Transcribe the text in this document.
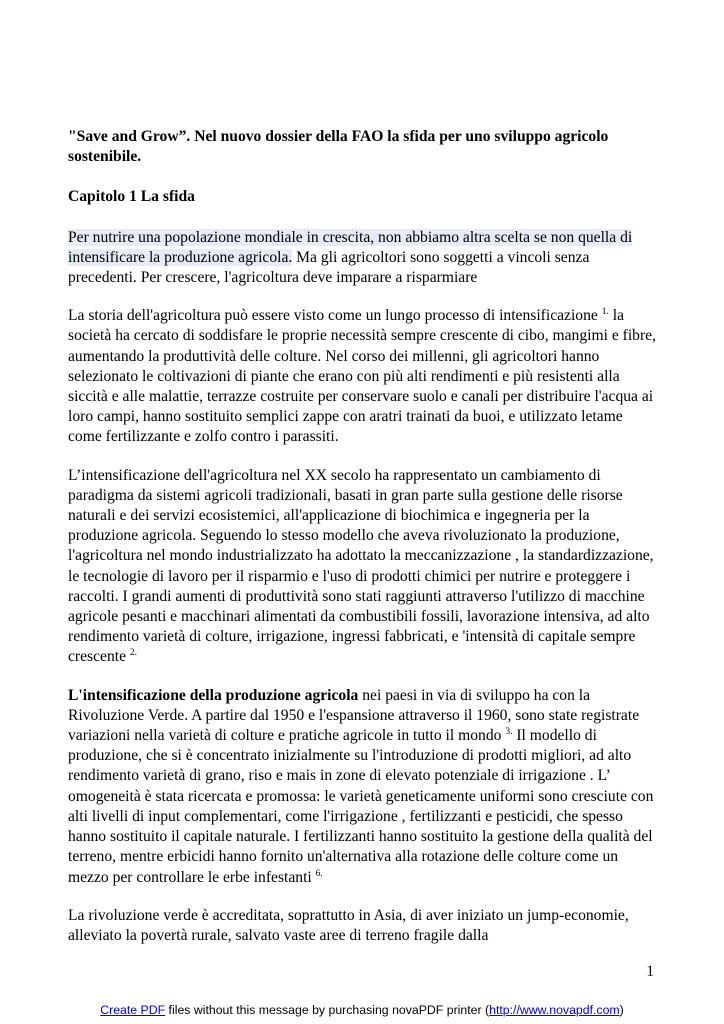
"Save and Grow”. Nel nuovo dossier della FAO la sfida per uno sviluppo agricolo sostenibile.

Capitolo 1 La sfida

Per nutrire una popolazione mondiale in crescita, non abbiamo altra scelta se non quella di intensificare la produzione agricola. Ma gli agricoltori sono soggetti a vincoli senza precedenti. Per crescere, l'agricoltura deve imparare a risparmiare

La storia dell'agricoltura può essere visto come un lungo processo di intensificazione $^{1.}$ la società ha cercato di soddisfare le proprie necessità sempre crescente di cibo, mangimi e fibre, aumentando la produttività delle colture. Nel corso dei millenni, gli agricoltori hanno selezionato le coltivazioni di piante che erano con più alti rendimenti e più resistenti alla siccità e alle malattie, terrazze costruite per conservare suolo e canali per distribuire l'acqua ai loro campi, hanno sostituito semplici zappe con aratri trainati da buoi, e utilizzato letame come fertilizzante e zolfo contro i parassiti.

L’intensificazione dell'agricoltura nel XX secolo ha rappresentato un cambiamento di paradigma da sistemi agricoli tradizionali, basati in gran parte sulla gestione delle risorse naturali e dei servizi ecosistemici, all'applicazione di biochimica e ingegneria per la produzione agricola. Seguendo lo stesso modello che aveva rivoluzionato la produzione, l'agricoltura nel mondo industrializzato ha adottato la meccanizzazione , la standardizzazione, le tecnologie di lavoro per il risparmio e l'uso di prodotti chimici per nutrire e proteggere i raccolti. I grandi aumenti di produttività sono stati raggiunti attraverso l'utilizzo di macchine agricole pesanti e macchinari alimentati da combustibili fossili, lavorazione intensiva, ad alto rendimento varietà di colture, irrigazione, ingressi fabbricati, e 'intensità di capitale sempre crescente $^{2.}$

L'intensificazione della produzione agricola nei paesi in via di sviluppo ha con la Rivoluzione Verde. A partire dal 1950 e l'espansione attraverso il 1960, sono state registrate variazioni nella varietà di colture e pratiche agricole in tutto il mondo $^{3.}$ Il modello di produzione, che si è concentrato inizialmente su l'introduzione di prodotti migliori, ad alto rendimento varietà di grano, riso e mais in zone di elevato potenziale di irrigazione . L’ omogeneità è stata ricercata e promossa: le varietà geneticamente uniformi sono cresciute con alti livelli di input complementari, come l'irrigazione , fertilizzanti e pesticidi, che spesso hanno sostituito il capitale naturale. I fertilizzanti hanno sostituito la gestione della qualità del terreno, mentre erbicidi hanno fornito un'alternativa alla rotazione delle colture come un mezzo per controllare le erbe infestanti $^{6.}$

La rivoluzione verde è accreditata, soprattutto in Asia, di aver iniziato un jump-economie, alleviato la povertà rurale, salvato vaste aree di terreno fragile dalla

1
Create PDF files without this message by purchasing novaPDF printer (http://www.novapdf.com)
